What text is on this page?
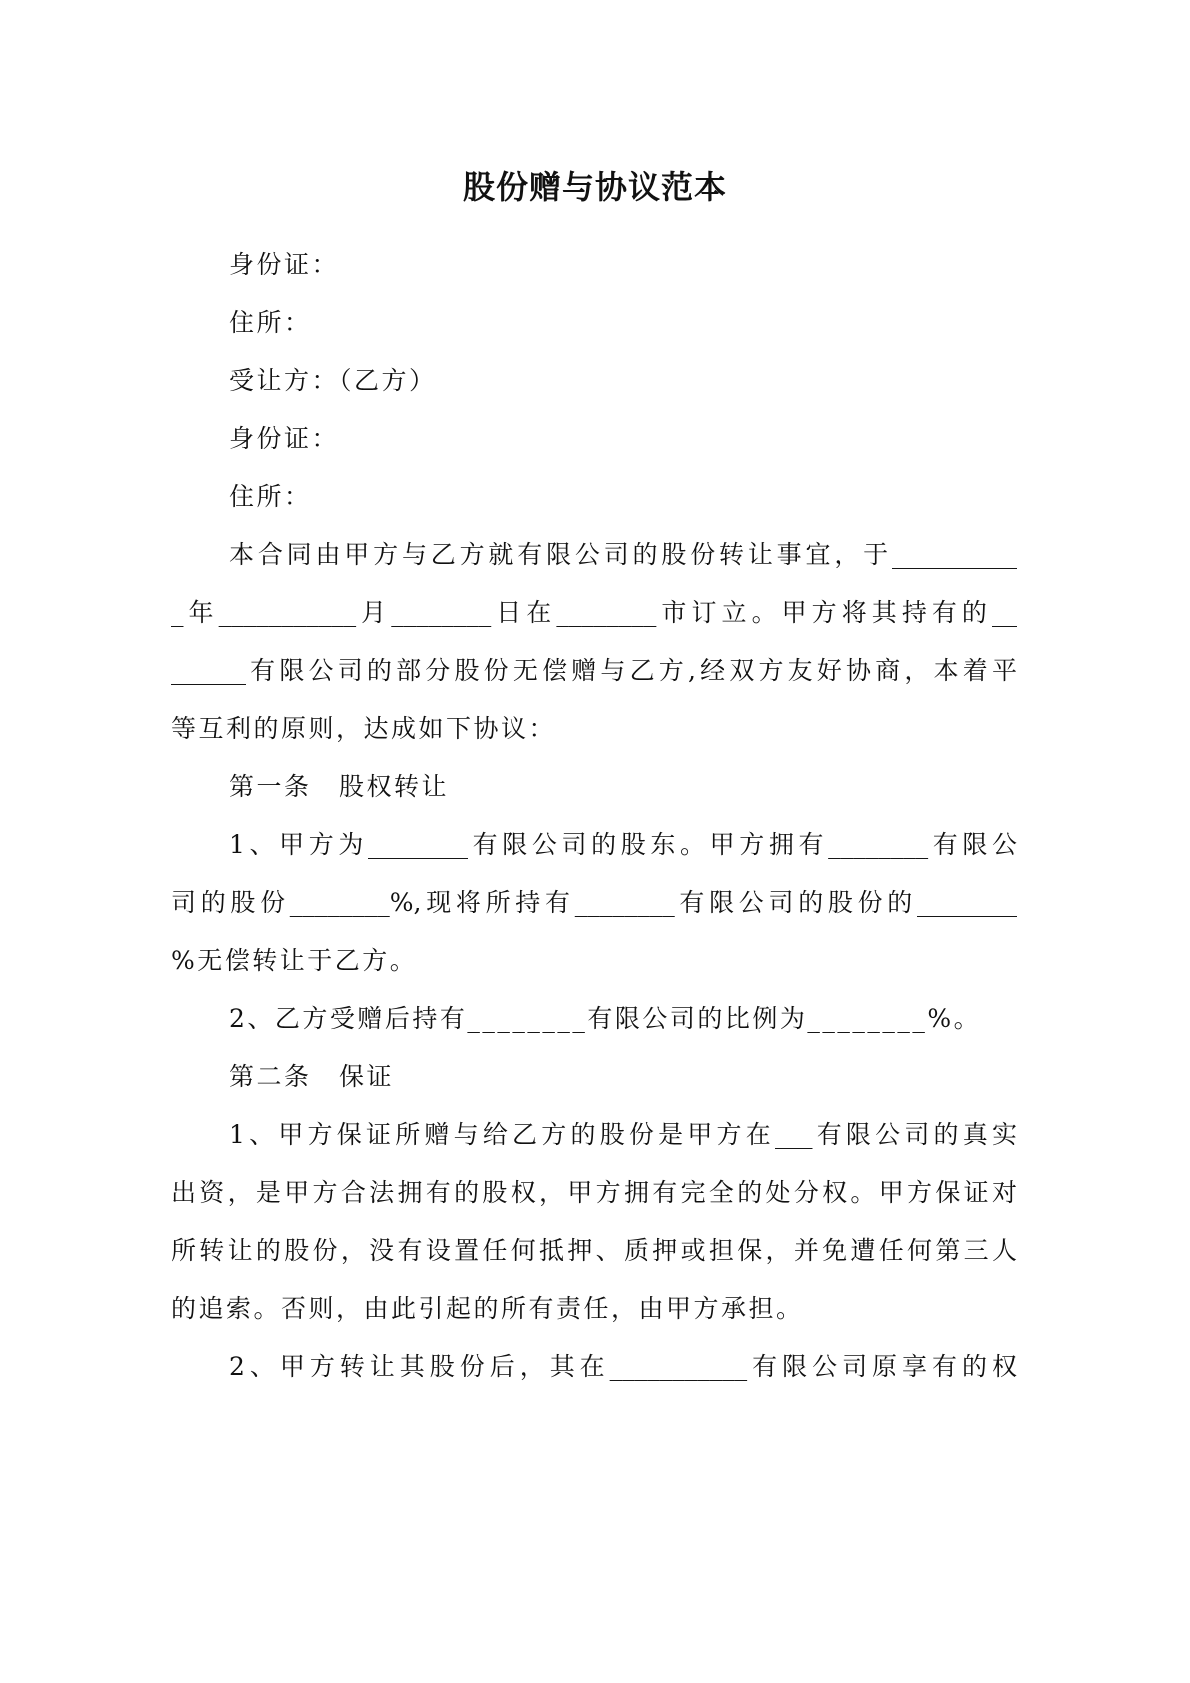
股份赠与协议范本
身份证：
住所：
受让方：（乙方）
身份证：
住所：
本合同由甲方与乙方就有限公司的股份转让事宜，于__________
_年___________月________日在________市订立。甲方将其持有的__
______有限公司的部分股份无偿赠与乙方,经双方友好协商，本着平
等互利的原则，达成如下协议：
第一条　股权转让
1、甲方为________有限公司的股东。甲方拥有________有限公
司的股份________%,现将所持有________有限公司的股份的________
%无偿转让于乙方。
2、乙方受赠后持有________有限公司的比例为________%。
第二条　保证
1、甲方保证所赠与给乙方的股份是甲方在___有限公司的真实
出资，是甲方合法拥有的股权，甲方拥有完全的处分权。甲方保证对
所转让的股份，没有设置任何抵押、质押或担保，并免遭任何第三人
的追索。否则，由此引起的所有责任，由甲方承担。
2、甲方转让其股份后，其在___________有限公司原享有的权
